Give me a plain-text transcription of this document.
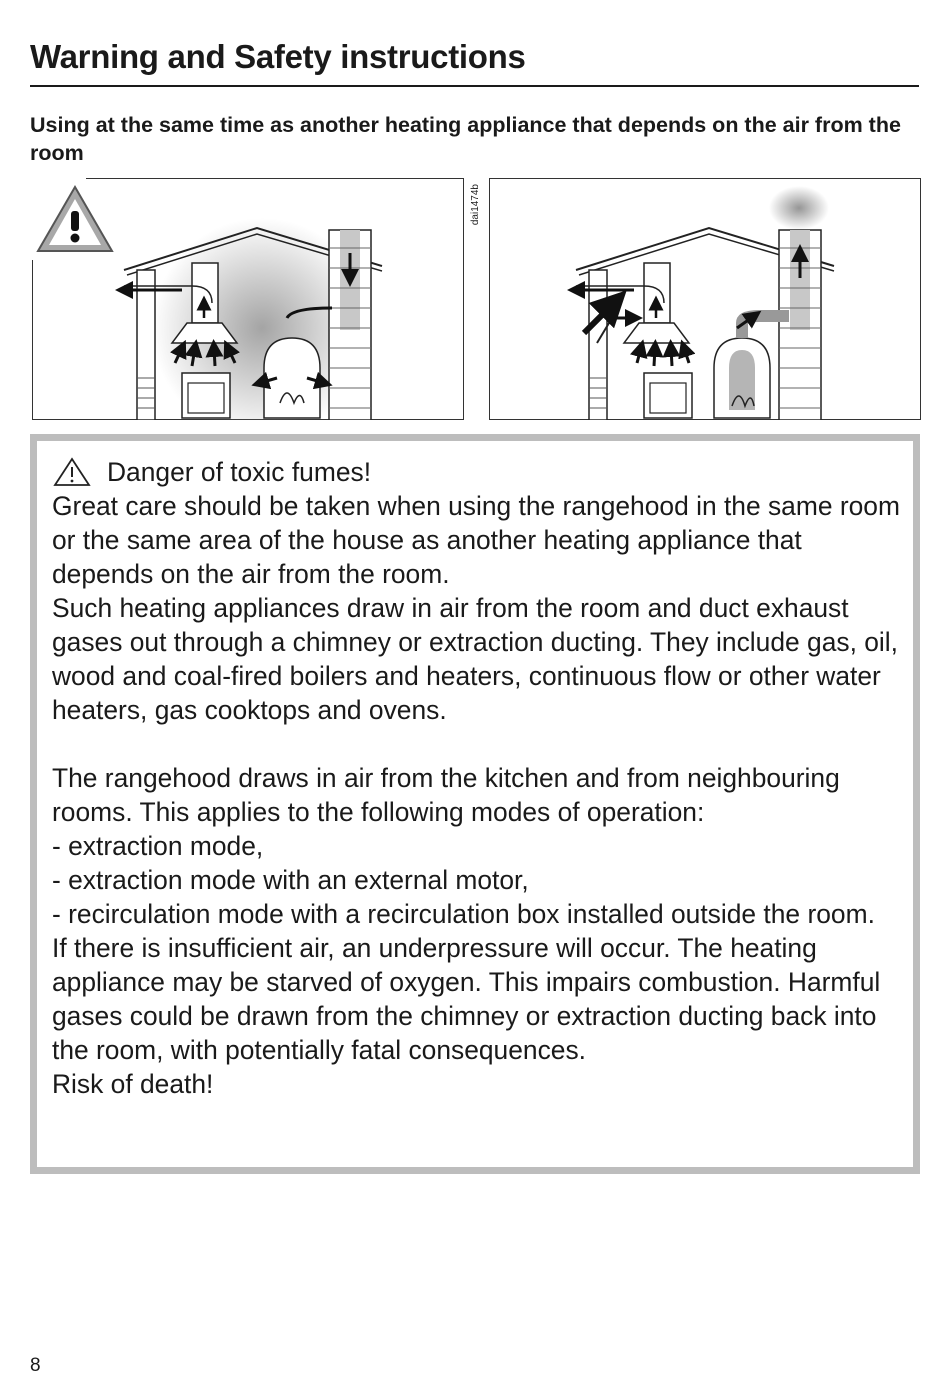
Warning and Safety instructions
Using at the same time as another heating appliance that depends on the air from the room
dai1474b

Danger of toxic fumes!

Great care should be taken when using the rangehood in the same room or the same area of the house as another heating appliance that depends on the air from the room.

Such heating appliances draw in air from the room and duct exhaust gases out through a chimney or extraction ducting. They include gas, oil, wood and coal-fired boilers and heaters, continuous flow or other water heaters, gas cooktops and ovens.

The rangehood draws in air from the kitchen and from neighbouring rooms. This applies to the following modes of operation:

- extraction mode,

- extraction mode with an external motor,

- recirculation mode with a recirculation box installed outside the room.

If there is insufficient air, an underpressure will occur. The heating appliance may be starved of oxygen. This impairs combustion. Harmful gases could be drawn from the chimney or extraction ducting back into the room, with potentially fatal consequences.

Risk of death!

8
